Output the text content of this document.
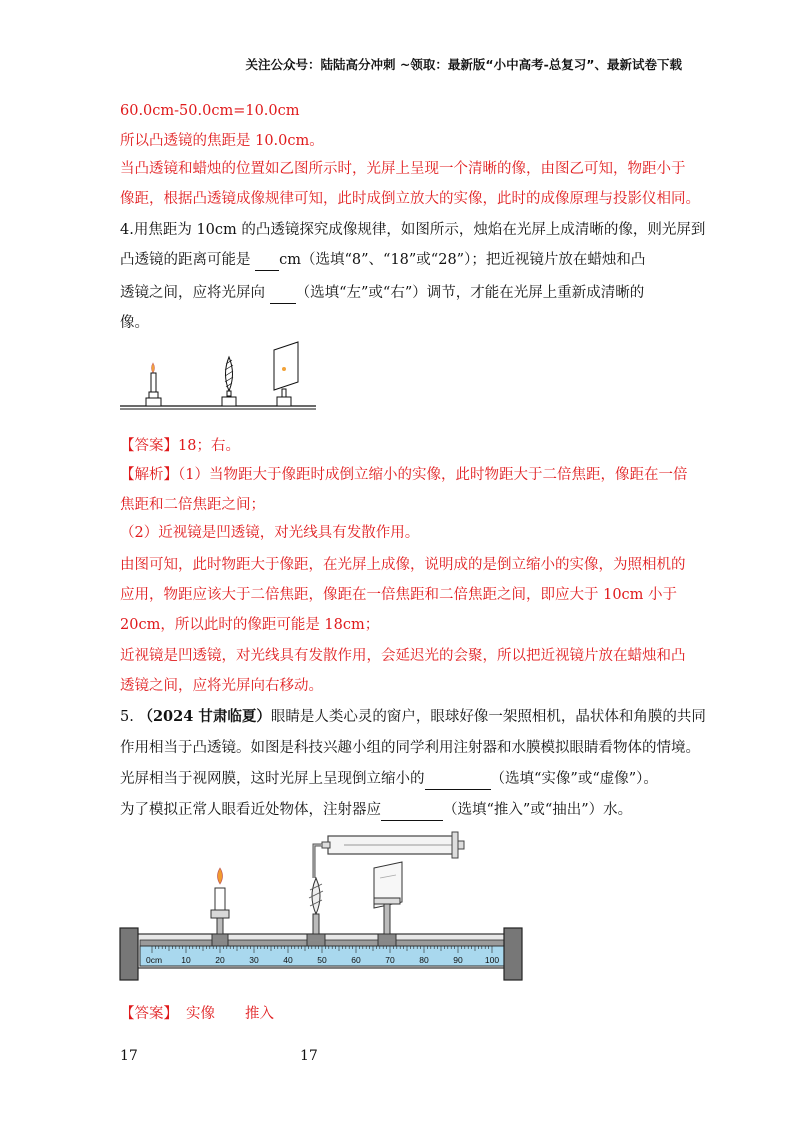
关注公众号：陆陆高分冲刺 ~领取：最新版“小中高考-总复习”、最新试卷下载
60.0cm-50.0cm=10.0cm
所以凸透镜的焦距是 10.0cm。
当凸透镜和蜡烛的位置如乙图所示时，光屏上呈现一个清晰的像，由图乙可知，物距小于
像距，根据凸透镜成像规律可知，此时成倒立放大的实像，此时的成像原理与投影仪相同。
4.用焦距为 10cm 的凸透镜探究成像规律，如图所示，烛焰在光屏上成清晰的像，则光屏到
凸透镜的距离可能是  cm（选填“8”、“18”或“28”）；把近视镜片放在蜡烛和凸
透镜之间，应将光屏向  （选填“左”或“右”）调节，才能在光屏上重新成清晰的
像。
【答案】18；右。
【解析】（1）当物距大于像距时成倒立缩小的实像，此时物距大于二倍焦距，像距在一倍
焦距和二倍焦距之间；
（2）近视镜是凹透镜，对光线具有发散作用。
由图可知，此时物距大于像距，在光屏上成像，说明成的是倒立缩小的实像，为照相机的
应用，物距应该大于二倍焦距，像距在一倍焦距和二倍焦距之间，即应大于 10cm 小于
20cm，所以此时的像距可能是 18cm；
近视镜是凹透镜，对光线具有发散作用，会延迟光的会聚，所以把近视镜片放在蜡烛和凸
透镜之间，应将光屏向右移动。
5. （2024 甘肃临夏）眼睛是人类心灵的窗户，眼球好像一架照相机，晶状体和角膜的共同
作用相当于凸透镜。如图是科技兴趣小组的同学利用注射器和水膜模拟眼睛看物体的情境。
光屏相当于视网膜，这时光屏上呈现倒立缩小的	（选填“实像”或“虚像”）。
为了模拟正常人眼看近处物体，注射器应	（选填“推入”或“抽出”）水。
0cm 10	20	30	40	50	60	70	80	90	100
【答案】 实像 推入
17	17
